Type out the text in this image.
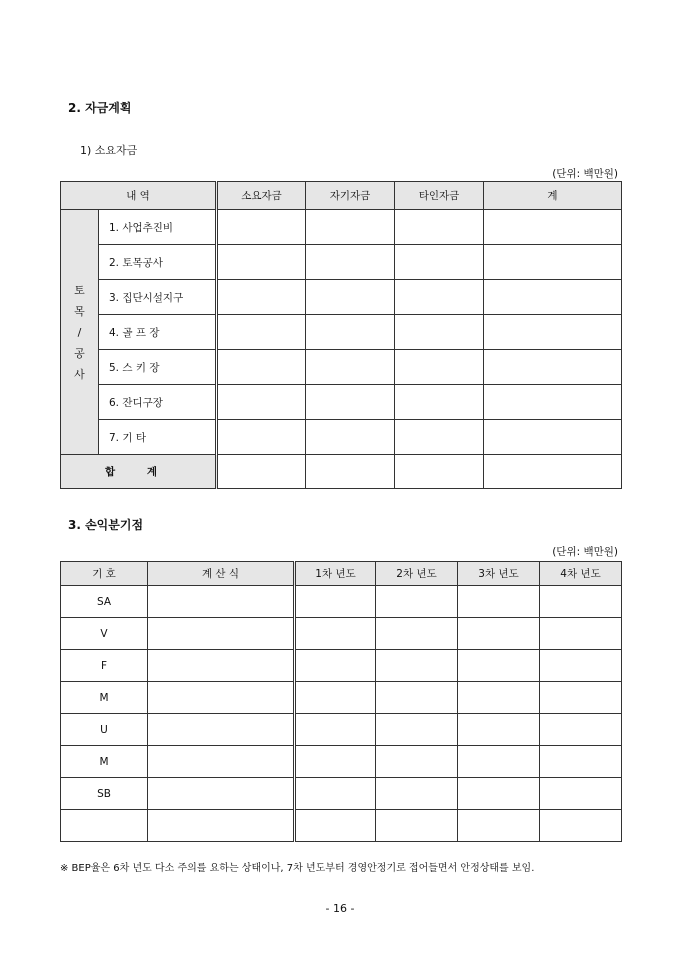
2. 자금계획
1) 소요자금
(단위: 백만원)
내 역		소요자금	자기자금	타인자금	계

토
목
/
공
사	1. 사업추진비				
	2. 토목공사				
	3. 집단시설지구				
	4. 골 프 장				
	5. 스 키 장				
	6. 잔디구장				
	7. 기 타				
합 계					
3. 손익분기점
(단위: 백만원)
기 호	계 산 식	1차 년도	2차 년도	3차 년도	4차 년도
SA					
V					
F					
M					
U					
M					
SB					

※ BEP율은 6차 년도 다소 주의를 요하는 상태이나, 7차 년도부터 경영안정기로 접어들면서 안정상태를 보임.
- 16 -
